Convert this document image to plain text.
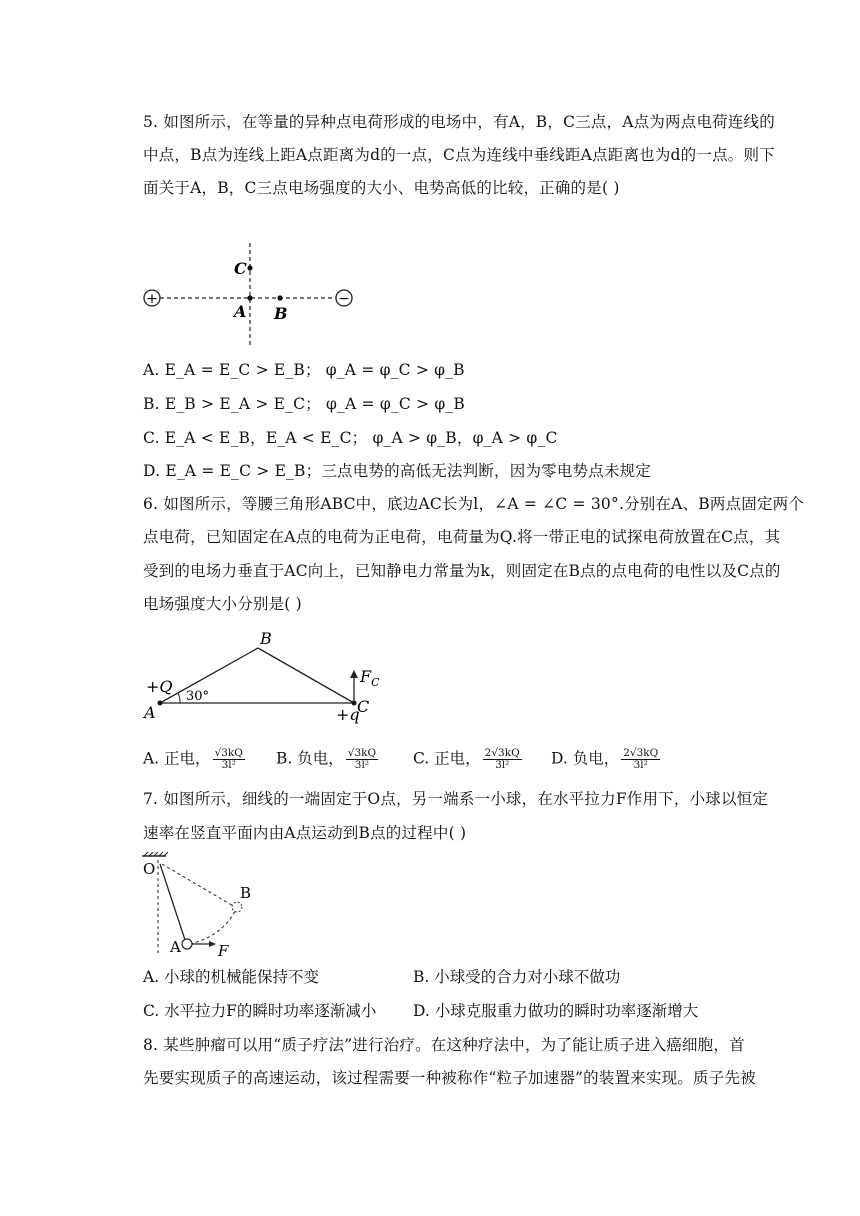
5. 如图所示，在等量的异种点电荷形成的电场中，有A，B，C三点，A点为两点电荷连线的
中点，B点为连线上距A点距离为d的一点，C点为连线中垂线距A点距离也为d的一点。则下
面关于A，B，C三点电场强度的大小、电势高低的比较，正确的是( )
+	−
C
A B
A. E_A = E_C > E_B； φ_A = φ_C > φ_B
B. E_B > E_A > E_C； φ_A = φ_C > φ_B
C. E_A < E_B，E_A < E_C； φ_A > φ_B，φ_A > φ_C
D. E_A = E_C > E_B；三点电势的高低无法判断，因为零电势点未规定
6. 如图所示，等腰三角形ABC中，底边AC长为l，∠A = ∠C = 30°.分别在A、B两点固定两个
点电荷，已知固定在A点的电荷为正电荷，电荷量为Q.将一带正电的试探电荷放置在C点，其
受到的电场力垂直于AC向上，已知静电力常量为k，则固定在B点的点电荷的电性以及C点的
电场强度大小分别是( )
B
+Q
30°
A
$F_C$
+q
C
A. 正电， $\frac{√3kQ}{\text{3l²}} B$. 负电， $\frac{√3kQ}{\text{3l²}} C$. 正电， $\frac{2√3kQ}{\text{3l²}} D$. 负电， $\frac{2√3kQ}{\text{3l²}}$
7. 如图所示，细线的一端固定于O点，另一端系一小球，在水平拉力F作用下，小球以恒定
速率在竖直平面内由A点运动到B点的过程中( )
O
B
A F
A. 小球的机械能保持不变	B. 小球受的合力对小球不做功
C. 水平拉力F的瞬时功率逐渐减小 D. 小球克服重力做功的瞬时功率逐渐增大
8. 某些肿瘤可以用“质子疗法”进行治疗。在这种疗法中，为了能让质子进入癌细胞，首
先要实现质子的高速运动，该过程需要一种被称作“粒子加速器”的装置来实现。质子先被
